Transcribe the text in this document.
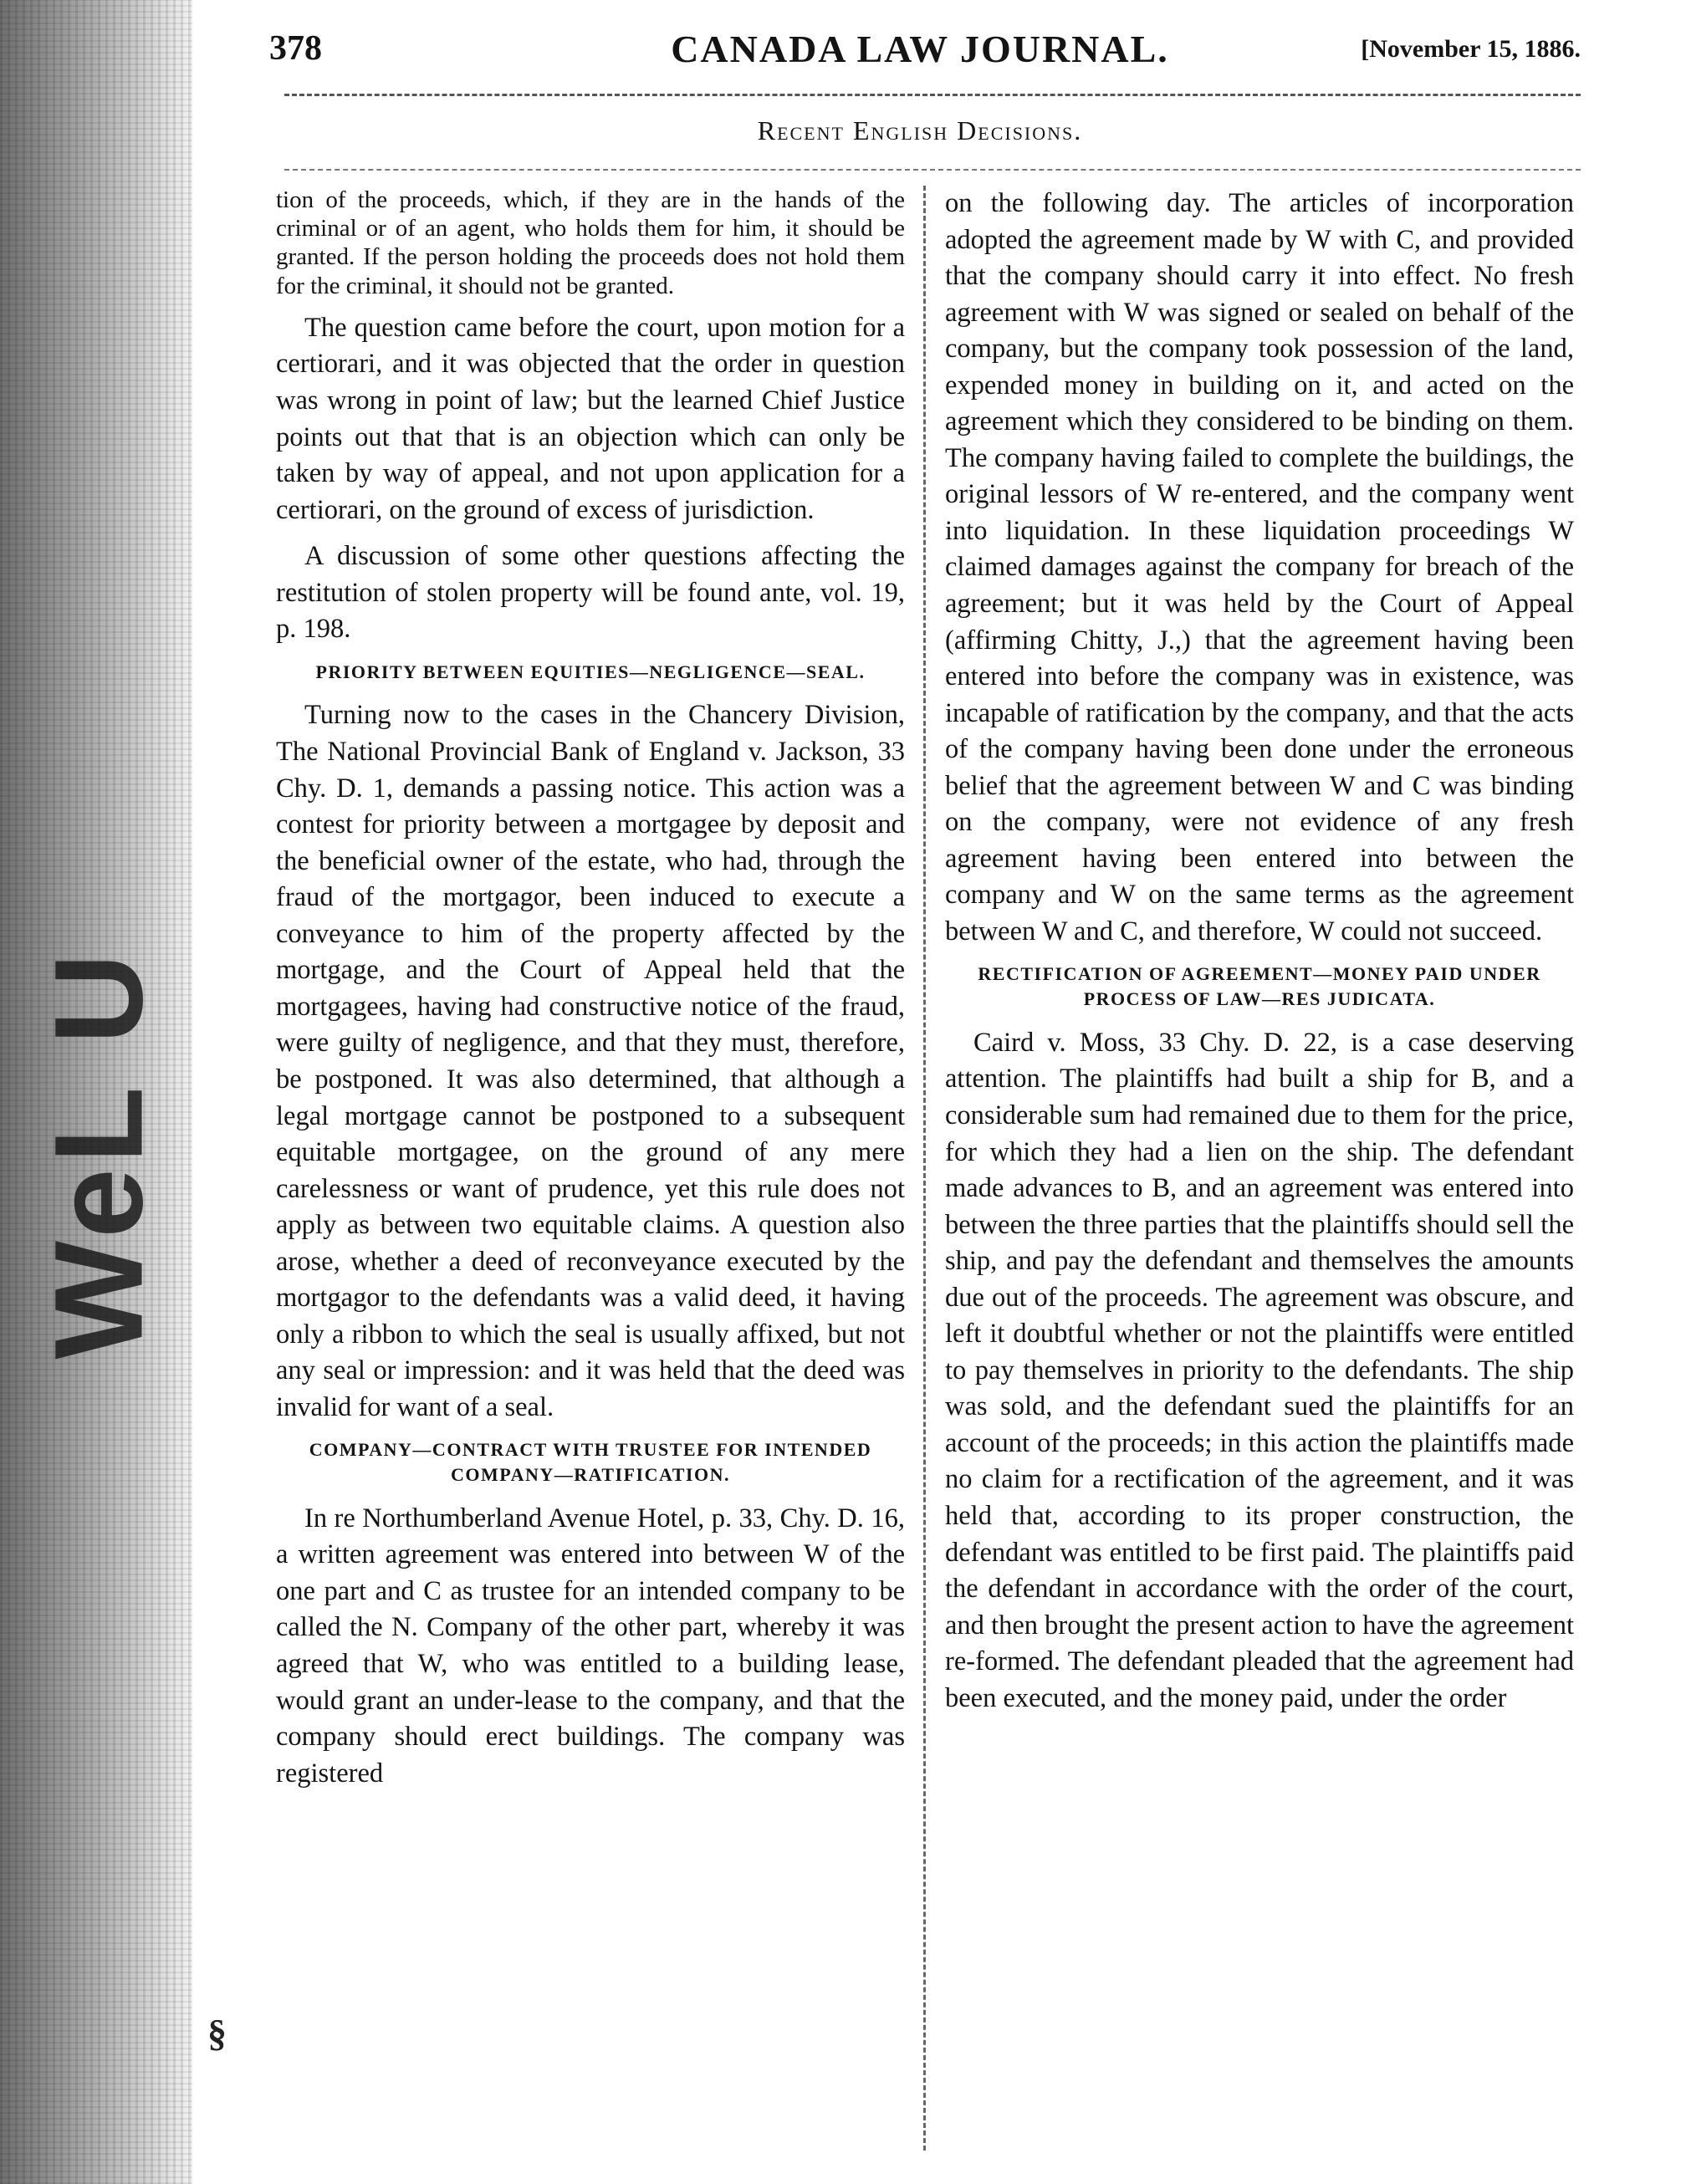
WeL U
§
378	CANADA LAW JOURNAL.	[November 15, 1886.
Recent English Decisions.

tion of the proceeds, which, if they are in the hands of the criminal or of an agent, who holds them for him, it should be granted. If the person holding the proceeds does not hold them for the criminal, it should not be granted.

The question came before the court, upon motion for a certiorari, and it was objected that the order in question was wrong in point of law; but the learned Chief Justice points out that that is an objection which can only be taken by way of appeal, and not upon application for a certiorari, on the ground of excess of jurisdiction.

A discussion of some other questions affecting the restitution of stolen property will be found ante, vol. 19, p. 198.

PRIORITY BETWEEN EQUITIES—NEGLIGENCE—SEAL.

Turning now to the cases in the Chancery Division, The National Provincial Bank of England v. Jackson, 33 Chy. D. 1, demands a passing notice. This action was a contest for priority between a mortgagee by deposit and the beneficial owner of the estate, who had, through the fraud of the mortgagor, been induced to execute a conveyance to him of the property affected by the mortgage, and the Court of Appeal held that the mortgagees, having had constructive notice of the fraud, were guilty of negligence, and that they must, therefore, be postponed. It was also determined, that although a legal mortgage cannot be postponed to a subsequent equitable mortgagee, on the ground of any mere carelessness or want of prudence, yet this rule does not apply as between two equitable claims. A question also arose, whether a deed of reconveyance executed by the mortgagor to the defendants was a valid deed, it having only a ribbon to which the seal is usually affixed, but not any seal or impression: and it was held that the deed was invalid for want of a seal.

COMPANY—CONTRACT WITH TRUSTEE FOR INTENDED COMPANY—RATIFICATION.

In re Northumberland Avenue Hotel, p. 33, Chy. D. 16, a written agreement was entered into between W of the one part and C as trustee for an intended company to be called the N. Company of the other part, whereby it was agreed that W, who was entitled to a building lease, would grant an under-lease to the company, and that the company should erect buildings. The company was registered

on the following day. The articles of incorporation adopted the agreement made by W with C, and provided that the company should carry it into effect. No fresh agreement with W was signed or sealed on behalf of the company, but the company took possession of the land, expended money in building on it, and acted on the agreement which they considered to be binding on them. The company having failed to complete the buildings, the original lessors of W re-entered, and the company went into liquidation. In these liquidation proceedings W claimed damages against the company for breach of the agreement; but it was held by the Court of Appeal (affirming Chitty, J.,) that the agreement having been entered into before the company was in existence, was incapable of ratification by the company, and that the acts of the company having been done under the erroneous belief that the agreement between W and C was binding on the company, were not evidence of any fresh agreement having been entered into between the company and W on the same terms as the agreement between W and C, and therefore, W could not succeed.

RECTIFICATION OF AGREEMENT—MONEY PAID UNDER PROCESS OF LAW—RES JUDICATA.

Caird v. Moss, 33 Chy. D. 22, is a case deserving attention. The plaintiffs had built a ship for B, and a considerable sum had remained due to them for the price, for which they had a lien on the ship. The defendant made advances to B, and an agreement was entered into between the three parties that the plaintiffs should sell the ship, and pay the defendant and themselves the amounts due out of the proceeds. The agreement was obscure, and left it doubtful whether or not the plaintiffs were entitled to pay themselves in priority to the defendants. The ship was sold, and the defendant sued the plaintiffs for an account of the proceeds; in this action the plaintiffs made no claim for a rectification of the agreement, and it was held that, according to its proper construction, the defendant was entitled to be first paid. The plaintiffs paid the defendant in accordance with the order of the court, and then brought the present action to have the agreement re-formed. The defendant pleaded that the agreement had been executed, and the money paid, under the order
